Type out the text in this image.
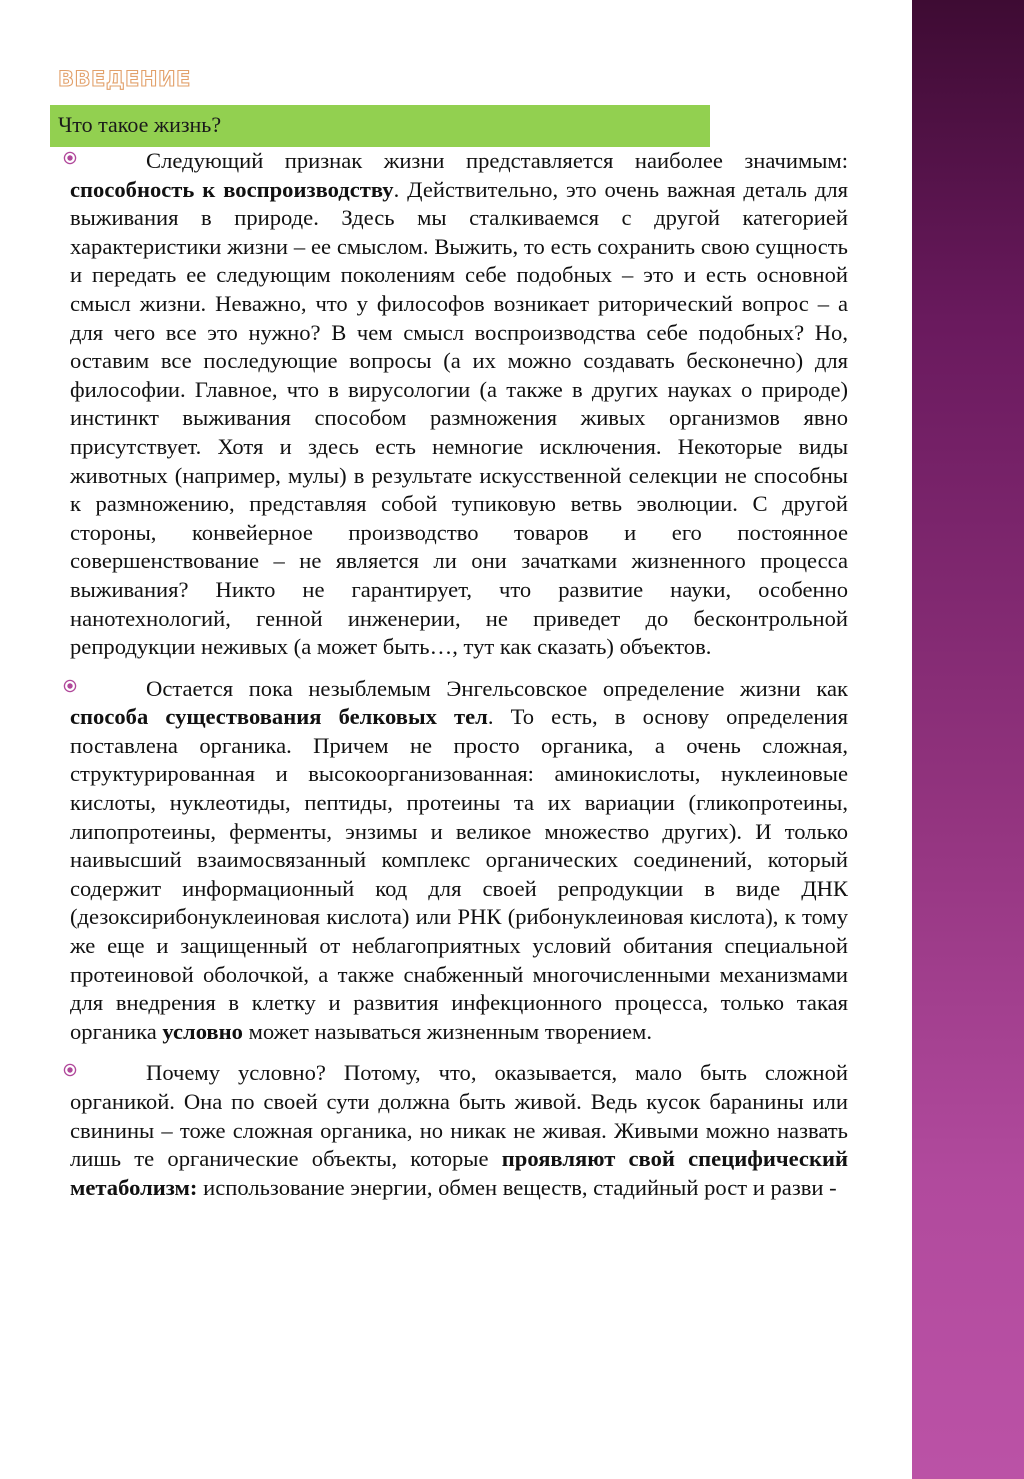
ВВЕДЕНИЕ
Что такое жизнь?

Следующий признак жизни представляется наиболее значимым: способность к воспроизводству. Действительно, это очень важная деталь для выживания в природе. Здесь мы сталкиваемся с другой категорией характеристики жизни – ее смыслом. Выжить, то есть сохранить свою сущность и передать ее следующим поколениям себе подобных – это и есть основной смысл жизни. Неважно, что у философов возникает риторический вопрос – а для чего все это нужно? В чем смысл воспроизводства себе подобных? Но, оставим все последующие вопросы (а их можно создавать бесконечно) для философии. Главное, что в вирусологии (а также в других науках о природе) инстинкт выживания способом размножения живых организмов явно присутствует. Хотя и здесь есть немногие исключения. Некоторые виды животных (например, мулы) в результате искусственной селекции не способны к размножению, представляя собой тупиковую ветвь эволюции. С другой стороны, конвейерное производство товаров и его постоянное совершенствование – не является ли они зачатками жизненного процесса выживания? Никто не гарантирует, что развитие науки, особенно нанотехнологий, генной инженерии, не приведет до бесконтрольной репродукции неживых (а может быть…, тут как сказать) объектов.

Остается пока незыблемым Энгельсовское определение жизни как способа существования белковых тел. То есть, в основу определения поставлена органика. Причем не просто органика, а очень сложная, структурированная и высокоорганизованная: аминокислоты, нуклеиновые кислоты, нуклеотиды, пептиды, протеины та их вариации (гликопротеины, липопротеины, ферменты, энзимы и великое множество других). И только наивысший взаимосвязанный комплекс органических соединений, который содержит информационный код для своей репродукции в виде ДНК (дезоксирибонуклеиновая кислота) или РНК (рибонуклеиновая кислота), к тому же еще и защищенный от неблагоприятных условий обитания специальной протеиновой оболочкой, а также снабженный многочисленными механизмами для внедрения в клетку и развития инфекционного процесса, только такая органика условно может называться жизненным творением.

Почему условно? Потому, что, оказывается, мало быть сложной органикой. Она по своей сути должна быть живой. Ведь кусок баранины или свинины – тоже сложная органика, но никак не живая. Живыми можно назвать лишь те органические объекты, которые проявляют свой специфический метаболизм: использование энергии, обмен веществ, стадийный рост и разви -
